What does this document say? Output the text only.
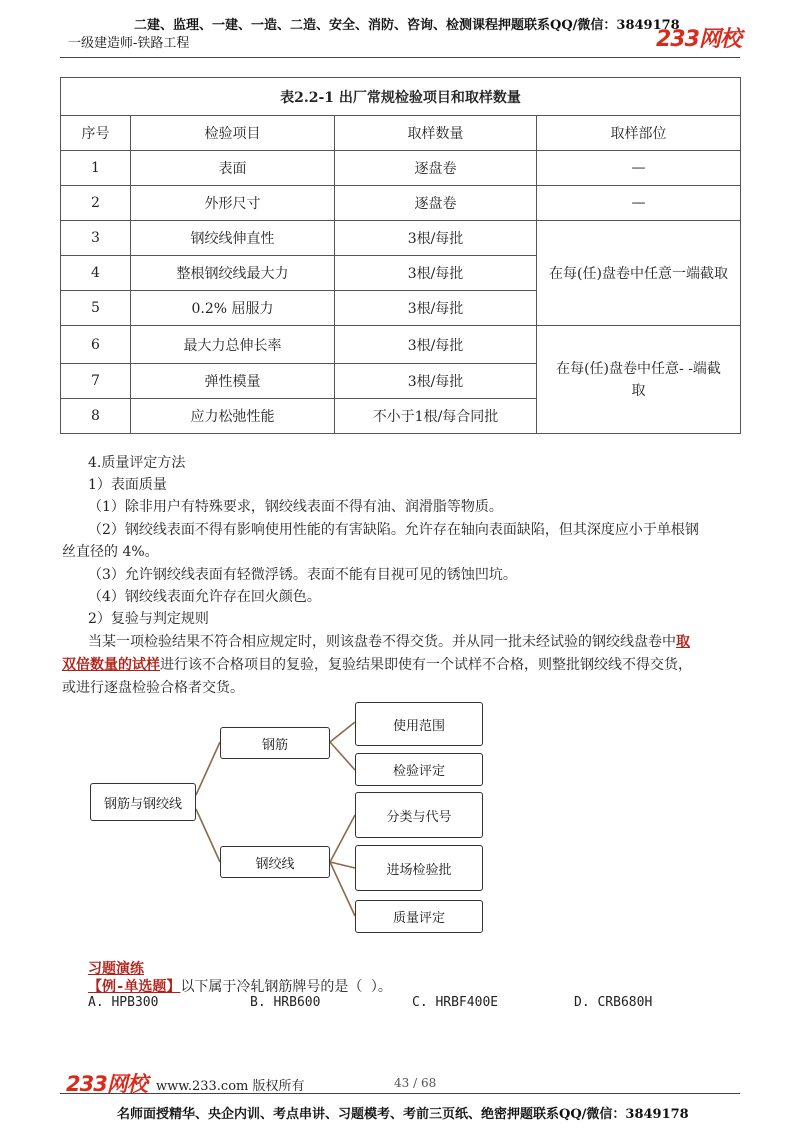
二建、监理、一建、一造、二造、安全、消防、咨询、检测课程押题联系QQ/微信：3849178
一级建造师-铁路工程	233网校
表2.2-1 出厂常规检验项目和取样数量			
序号	检验项目	取样数量	取样部位
1	表面	逐盘卷	—
2	外形尺寸	逐盘卷	—
3	钢绞线伸直性	3根/每批	在每(任)盘卷中任意一端截取
4	整根钢绞线最大力	3根/每批	
5	0.2% 屈服力	3根/每批	
6	最大力总伸长率	3根/每批	在每(任)盘卷中任意- -端截
取

7	弹性模量	3根/每批	
8	应力松弛性能	不小于1根/每合同批	
4.质量评定方法
1）表面质量
（1）除非用户有特殊要求，钢绞线表面不得有油、润滑脂等物质。
（2）钢绞线表面不得有影响使用性能的有害缺陷。允许存在轴向表面缺陷，但其深度应小于单根钢
丝直径的 4%。
（3）允许钢绞线表面有轻微浮锈。表面不能有目视可见的锈蚀凹坑。
（4）钢绞线表面允许存在回火颜色。
2）复验与判定规则
当某一项检验结果不符合相应规定时，则该盘卷不得交货。并从同一批未经试验的钢绞线盘卷中取
双倍数量的试样进行该不合格项目的复验，复验结果即使有一个试样不合格，则整批钢绞线不得交货，
或进行逐盘检验合格者交货。
钢筋与钢绞线
钢筋
钢绞线
使用范围
检验评定
分类与代号
进场检验批
质量评定
习题演练
【例-单选题】以下属于冷轧钢筋牌号的是（ ）。
A. HPB300	B. HRB600	C. HRBF400E	D. CRB680H
233网校 www.233.com 版权所有	43 / 68
名师面授精华、央企内训、考点串讲、习题模考、考前三页纸、绝密押题联系QQ/微信：3849178
